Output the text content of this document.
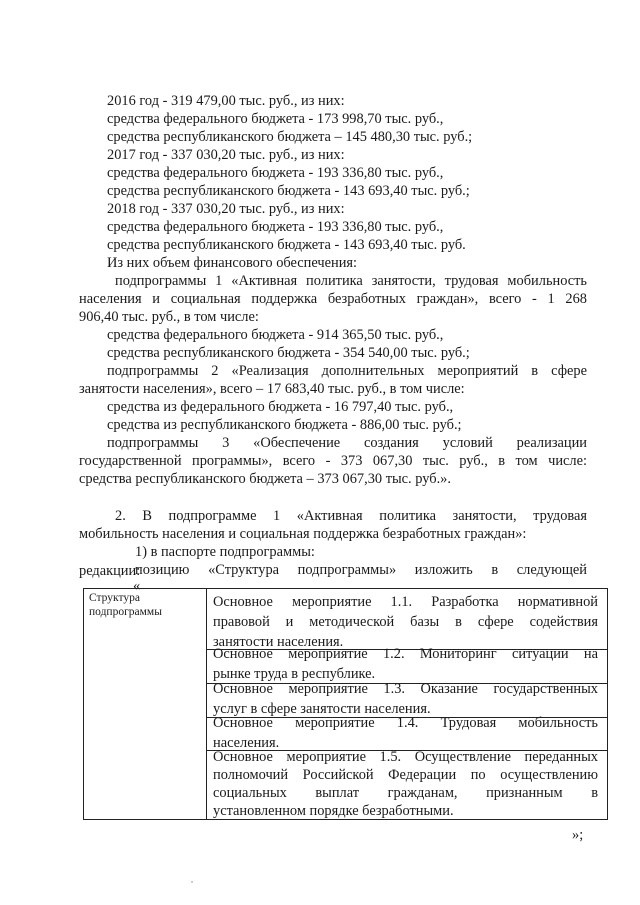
2016 год - 319 479,00 тыс. руб., из них:
средства федерального бюджета - 173 998,70 тыс. руб.,
средства республиканского бюджета – 145 480,30 тыс. руб.;
2017 год - 337 030,20 тыс. руб., из них:
средства федерального бюджета - 193 336,80 тыс. руб.,
средства республиканского бюджета - 143 693,40 тыс. руб.;
2018 год - 337 030,20 тыс. руб., из них:
средства федерального бюджета - 193 336,80 тыс. руб.,
средства республиканского бюджета - 143 693,40 тыс. руб.
Из них объем финансового обеспечения:
подпрограммы 1 «Активная политика занятости, трудовая мобильность
населения и социальная поддержка безработных граждан», всего - 1 268
906,40 тыс. руб., в том числе:
средства федерального бюджета - 914 365,50 тыс. руб.,
средства республиканского бюджета - 354 540,00 тыс. руб.;
подпрограммы 2 «Реализация дополнительных мероприятий в сфере
занятости населения», всего – 17 683,40 тыс. руб., в том числе:
средства из федерального бюджета - 16 797,40 тыс. руб.,
средства из республиканского бюджета - 886,00 тыс. руб.;
подпрограммы 3 «Обеспечение создания условий реализации
государственной программы», всего - 373 067,30 тыс. руб., в том числе:
средства республиканского бюджета – 373 067,30 тыс. руб.».
2. В подпрограмме 1 «Активная политика занятости, трудовая
мобильность населения и социальная поддержка безработных граждан»:
1) в паспорте подпрограммы:
позицию «Структура подпрограммы» изложить в следующей
редакции:
«
Структура
подпрограммы
Основное мероприятие 1.1. Разработка нормативной
правовой и методической базы в сфере содействия
занятости населения.
Основное мероприятие 1.2. Мониторинг ситуации на
рынке труда в республике.
Основное мероприятие 1.3. Оказание государственных
услуг в сфере занятости населения.
Основное мероприятие 1.4. Трудовая мобильность
населения.
Основное мероприятие 1.5. Осуществление переданных
полномочий Российской Федерации по осуществлению
социальных выплат гражданам, признанным в
установленном порядке безработными.
»;
˙
